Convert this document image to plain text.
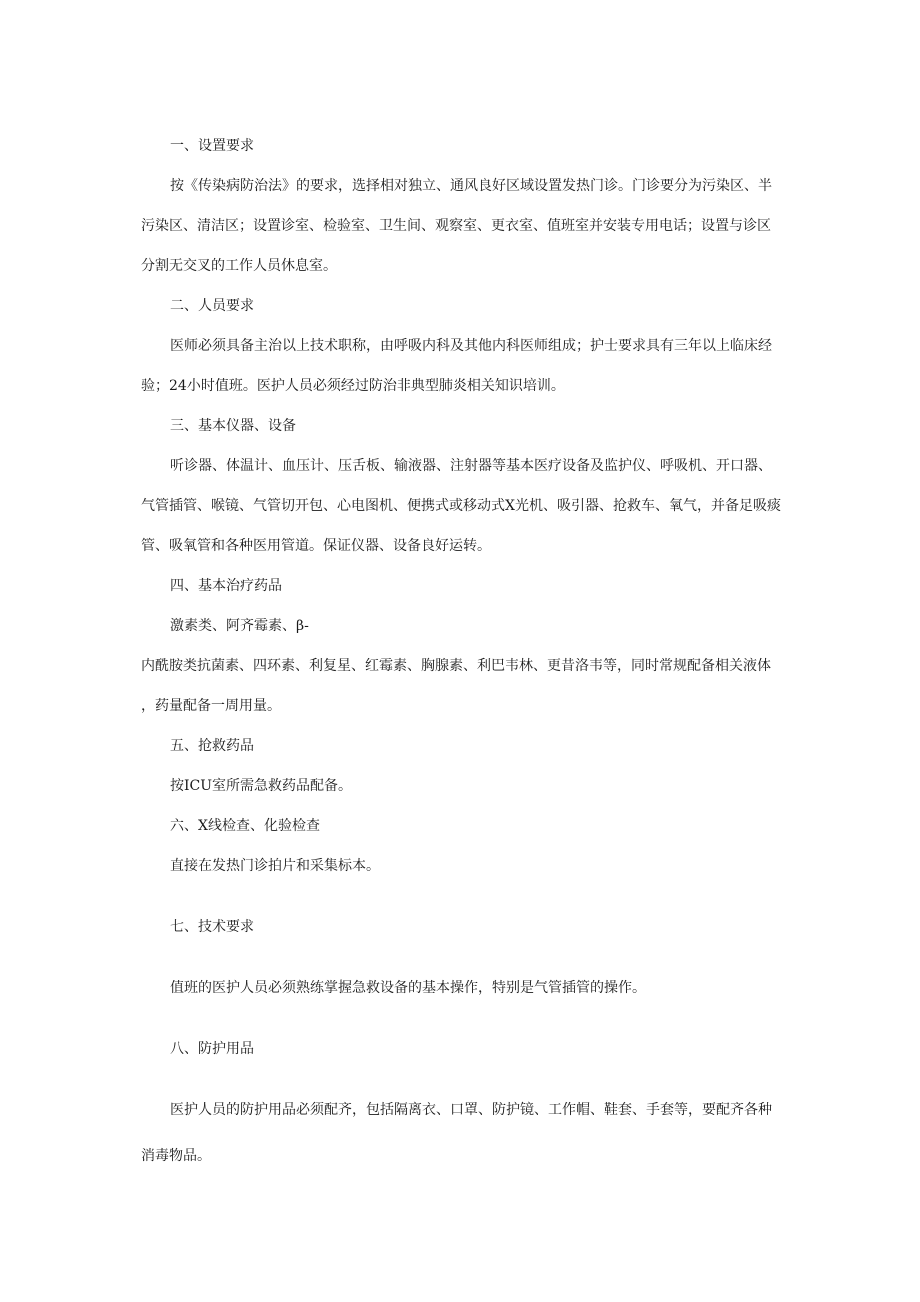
一、设置要求

按《传染病防治法》的要求，选择相对独立、通风良好区域设置发热门诊。门诊要分为污染区、半

污染区、清洁区；设置诊室、检验室、卫生间、观察室、更衣室、值班室并安装专用电话；设置与诊区

分割无交叉的工作人员休息室。

二、人员要求

医师必须具备主治以上技术职称，由呼吸内科及其他内科医师组成；护士要求具有三年以上临床经

验；24小时值班。医护人员必须经过防治非典型肺炎相关知识培训。

三、基本仪器、设备

听诊器、体温计、血压计、压舌板、输液器、注射器等基本医疗设备及监护仪、呼吸机、开口器、

气管插管、喉镜、气管切开包、心电图机、便携式或移动式X光机、吸引器、抢救车、氧气，并备足吸痰

管、吸氧管和各种医用管道。保证仪器、设备良好运转。

四、基本治疗药品

激素类、阿齐霉素、β-

内酰胺类抗菌素、四环素、利复星、红霉素、胸腺素、利巴韦林、更昔洛韦等，同时常规配备相关液体

，药量配备一周用量。

五、抢救药品

按ICU室所需急救药品配备。

六、X线检查、化验检查

直接在发热门诊拍片和采集标本。

七、技术要求

值班的医护人员必须熟练掌握急救设备的基本操作，特别是气管插管的操作。

八、防护用品

医护人员的防护用品必须配齐，包括隔离衣、口罩、防护镜、工作帽、鞋套、手套等，要配齐各种

消毒物品。
